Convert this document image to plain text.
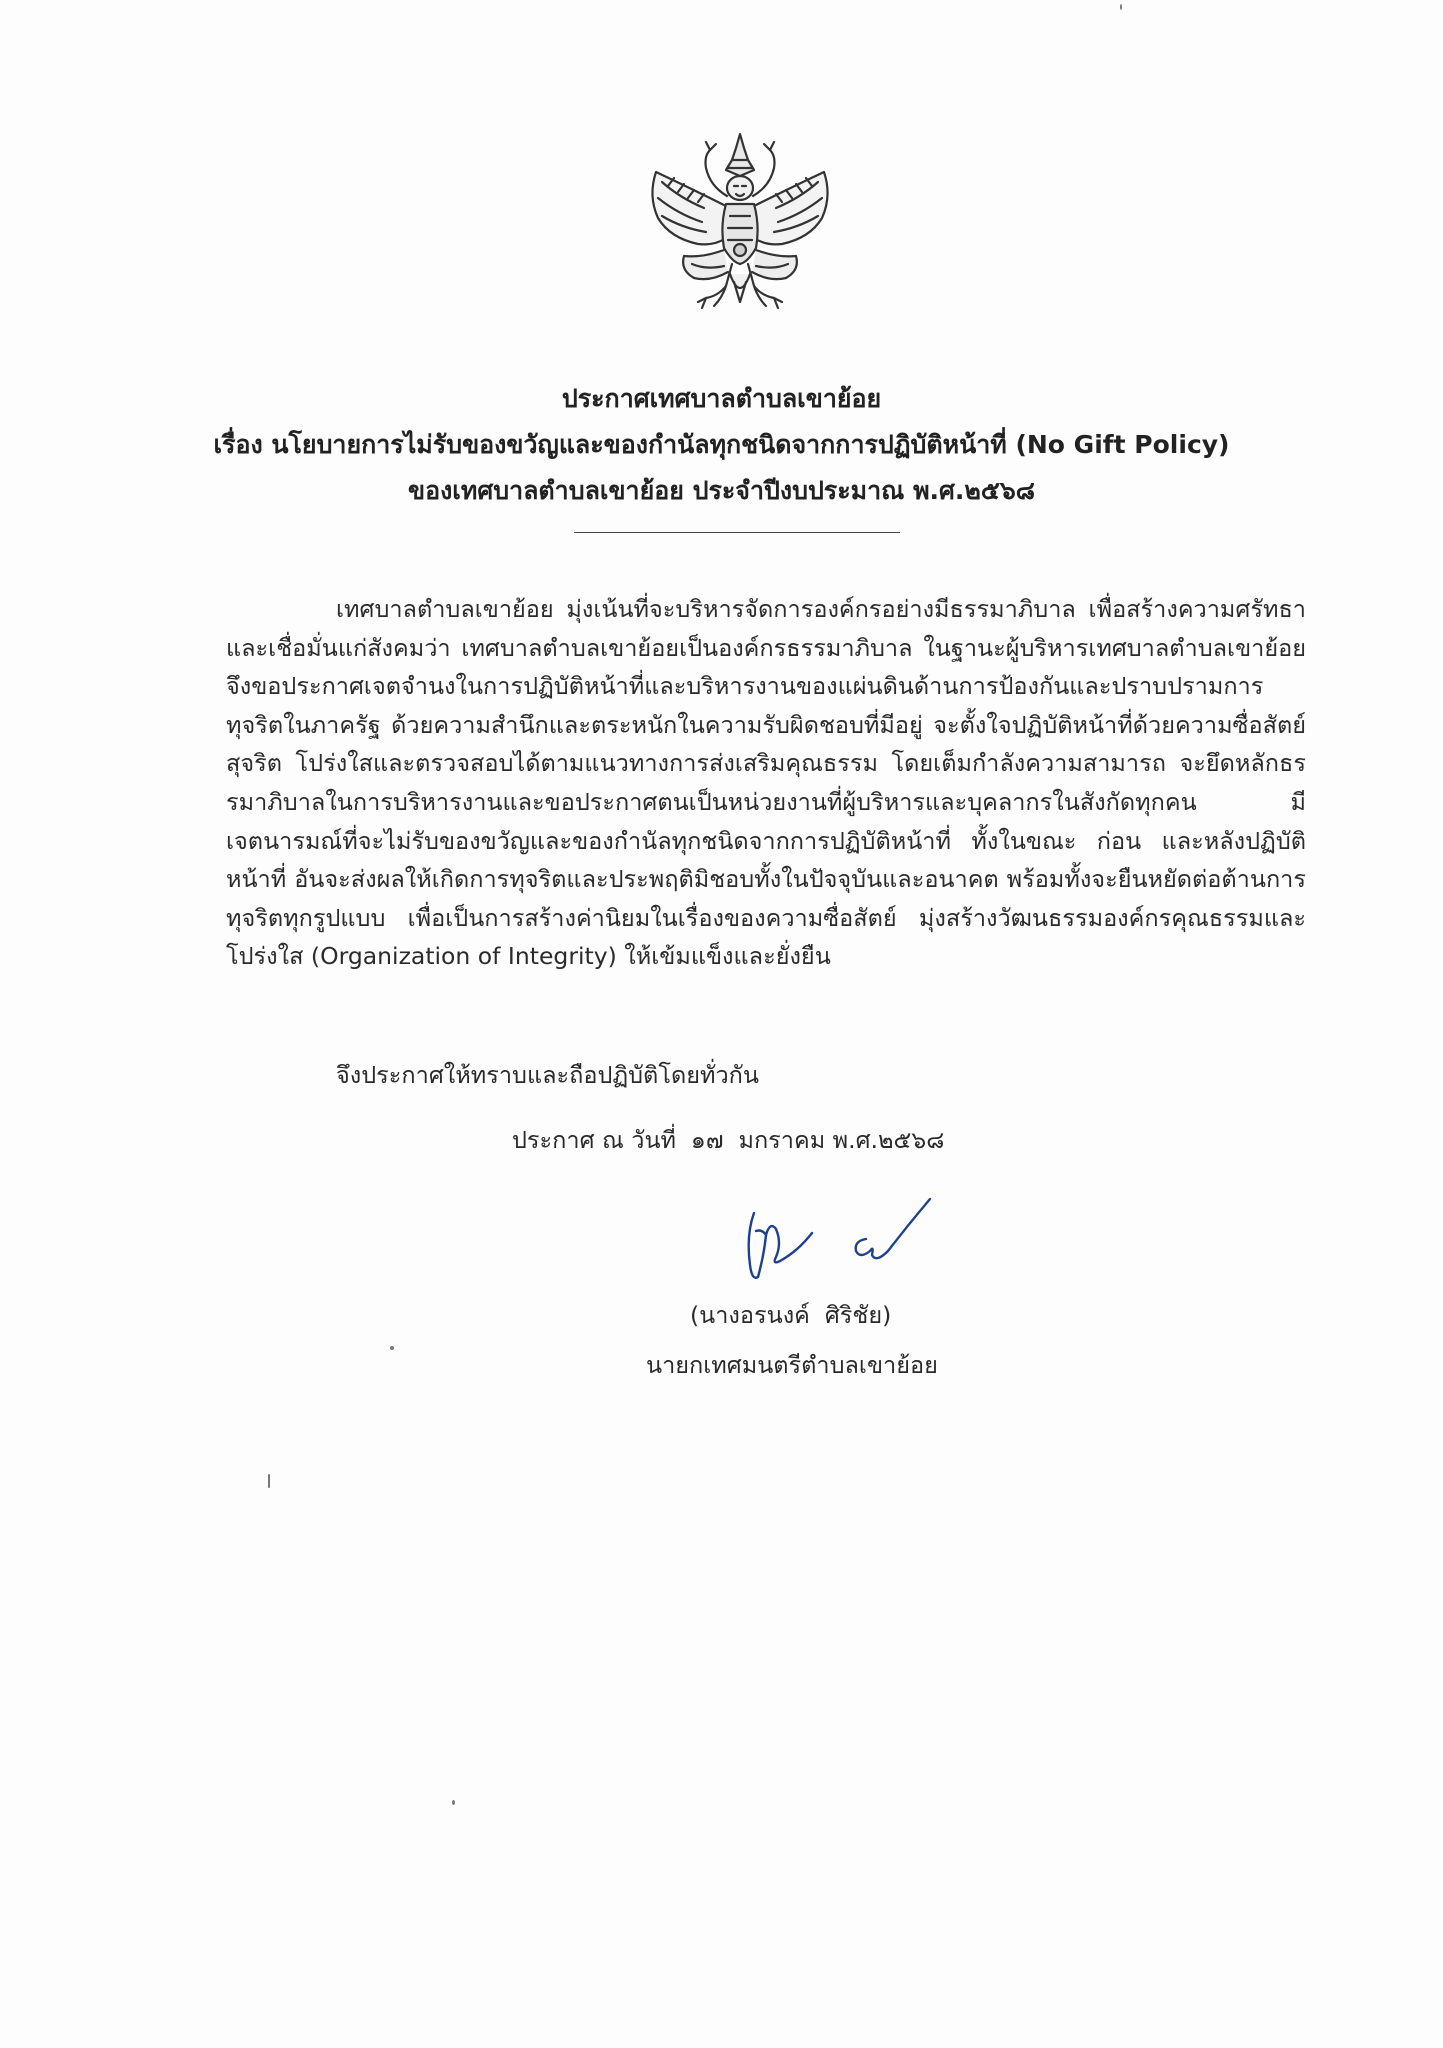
ประกาศเทศบาลตำบลเขาย้อย
เรื่อง นโยบายการไม่รับของขวัญและของกำนัลทุกชนิดจากการปฏิบัติหน้าที่ (No Gift Policy)
ของเทศบาลตำบลเขาย้อย ประจำปีงบประมาณ พ.ศ.๒๕๖๘
เทศบาลตำบลเขาย้อย มุ่งเน้นที่จะบริหารจัดการองค์กรอย่างมีธรรมาภิบาล เพื่อสร้างความศรัทธาและเชื่อมั่นแก่สังคมว่า เทศบาลตำบลเขาย้อยเป็นองค์กรธรรมาภิบาล ในฐานะผู้บริหารเทศบาลตำบลเขาย้อย จึงขอประกาศเจตจำนงในการปฏิบัติหน้าที่และบริหารงานของแผ่นดินด้านการป้องกันและปราบปรามการทุจริตในภาครัฐ ด้วยความสำนึกและตระหนักในความรับผิดชอบที่มีอยู่ จะตั้งใจปฏิบัติหน้าที่ด้วยความซื่อสัตย์สุจริต โปร่งใสและตรวจสอบได้ตามแนวทางการส่งเสริมคุณธรรม โดยเต็มกำลังความสามารถ จะยึดหลักธรรมาภิบาลในการบริหารงานและขอประกาศตนเป็นหน่วยงานที่ผู้บริหารและบุคลากรในสังกัดทุกคน มีเจตนารมณ์ที่จะไม่รับของขวัญและของกำนัลทุกชนิดจากการปฏิบัติหน้าที่ ทั้งในขณะ ก่อน และหลังปฏิบัติหน้าที่ อันจะส่งผลให้เกิดการทุจริตและประพฤติมิชอบทั้งในปัจจุบันและอนาคต พร้อมทั้งจะยืนหยัดต่อต้านการทุจริตทุกรูปแบบ เพื่อเป็นการสร้างค่านิยมในเรื่องของความซื่อสัตย์ มุ่งสร้างวัฒนธรรมองค์กรคุณธรรมและโปร่งใส (Organization of Integrity) ให้เข้มแข็งและยั่งยืน
จึงประกาศให้ทราบและถือปฏิบัติโดยทั่วกัน
ประกาศ ณ วันที่  ๑๗  มกราคม พ.ศ.๒๕๖๘
(นางอรนงค์  ศิริชัย)
นายกเทศมนตรีตำบลเขาย้อย
